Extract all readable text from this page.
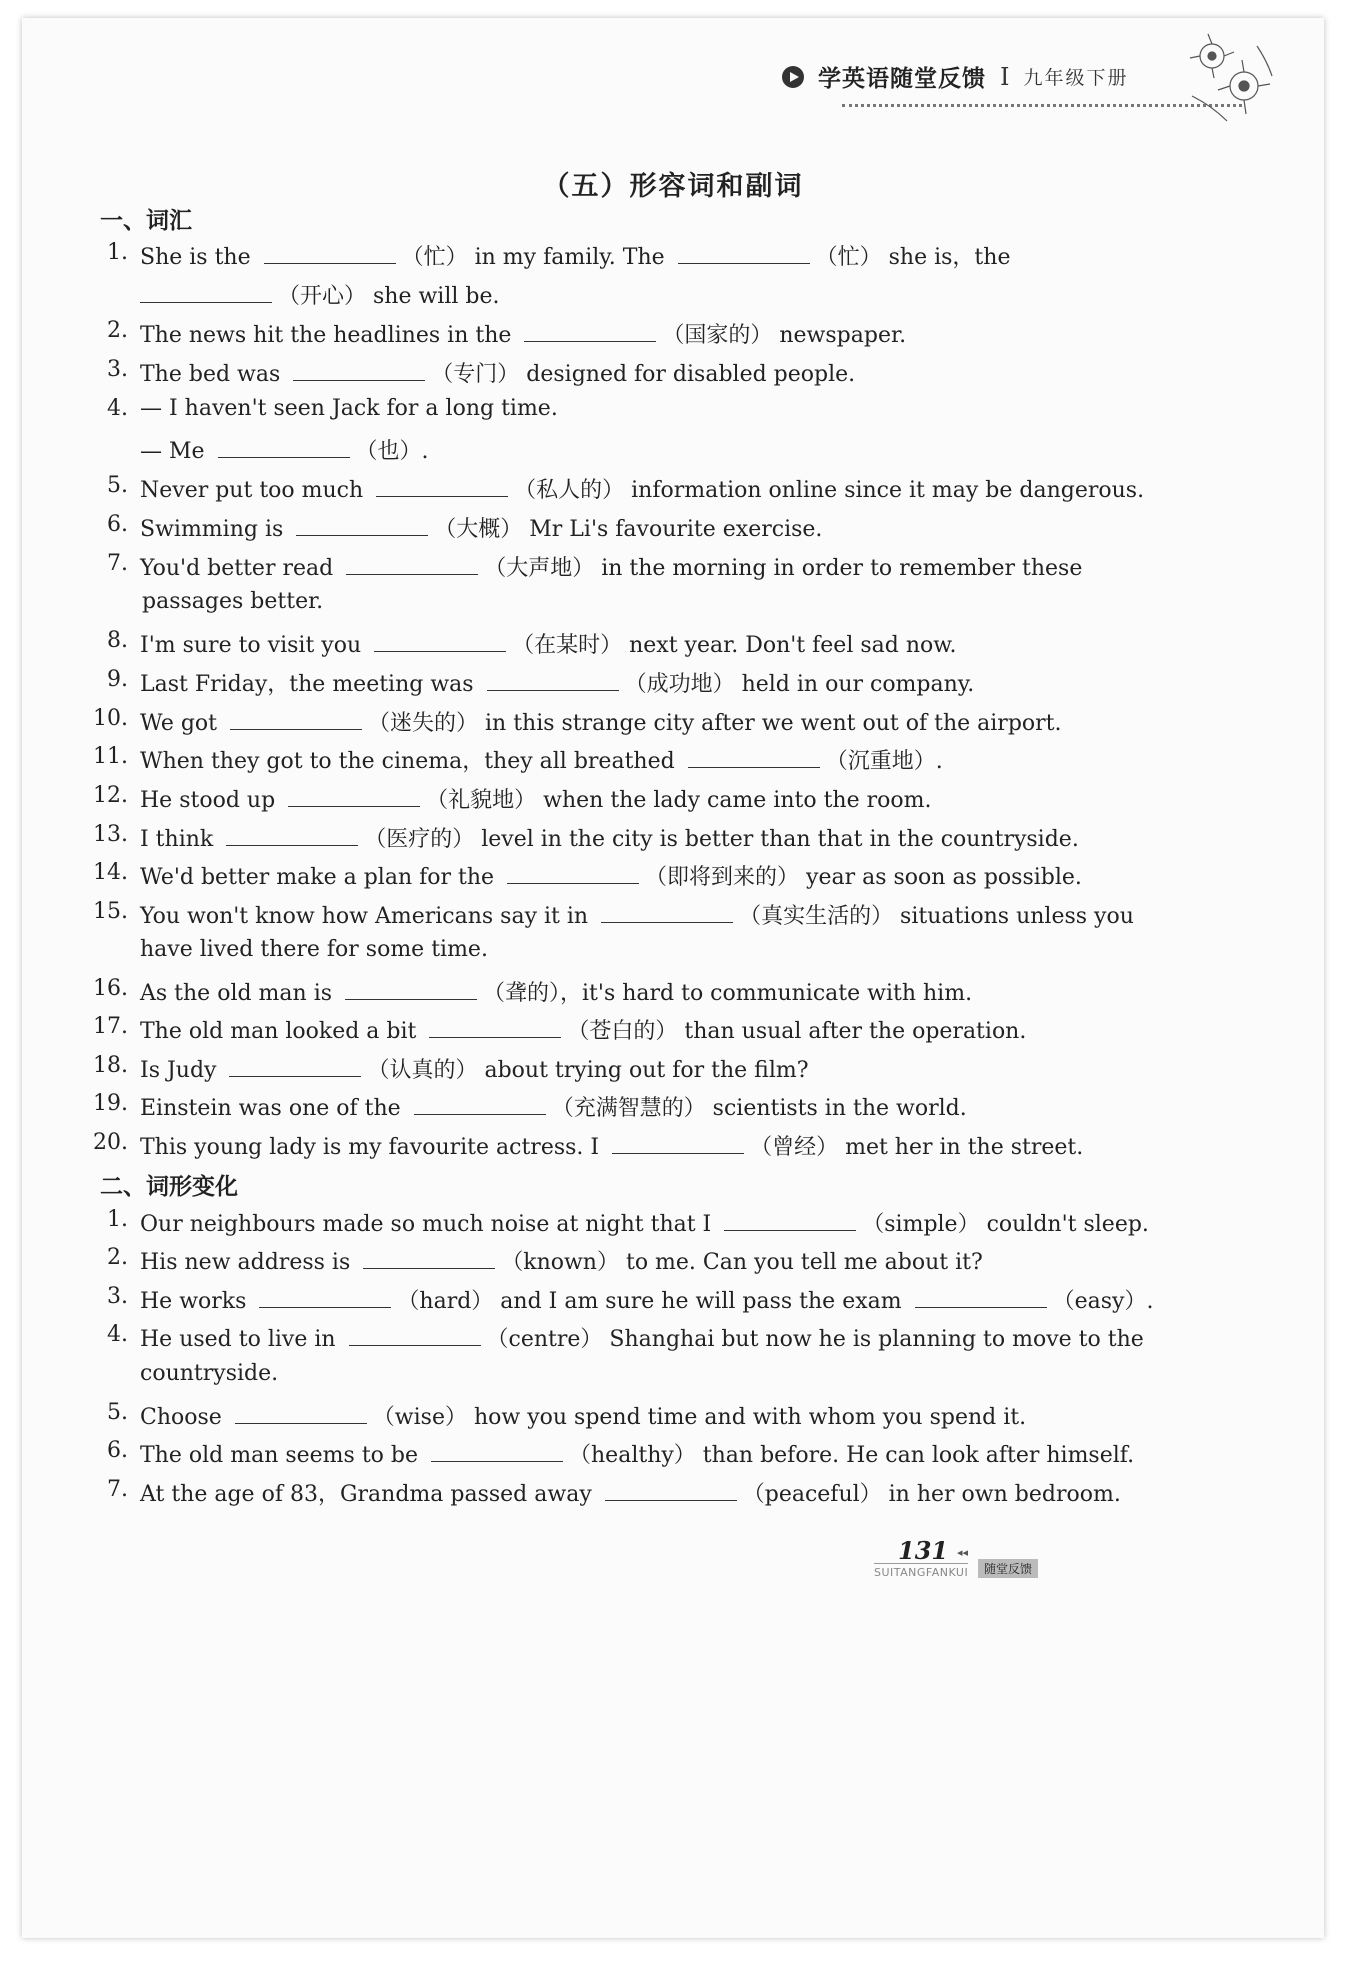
学英语随堂反馈 I 九年级下册
（五）形容词和副词
一、词汇
1. She is the	（忙） in my family. The	（忙） she is，the
（开心） she will be.
2. The news hit the headlines in the	（国家的） newspaper.
3. The bed was	（专门） designed for disabled people.
4. — I haven't seen Jack for a long time.
— Me	（也）.
5. Never put too much	（私人的） information online since it may be dangerous.
6. Swimming is	（大概） Mr Li's favourite exercise.
7. You'd better read	（大声地） in the morning in order to remember these
passages better.
8. I'm sure to visit you	（在某时） next year. Don't feel sad now.
9. Last Friday，the meeting was	（成功地） held in our company.
10. We got	（迷失的） in this strange city after we went out of the airport.
11. When they got to the cinema，they all breathed	（沉重地）.
12. He stood up	（礼貌地） when the lady came into the room.
13. I think	（医疗的） level in the city is better than that in the countryside.
14. We'd better make a plan for the	（即将到来的） year as soon as possible.
15. You won't know how Americans say it in	（真实生活的） situations unless you
have lived there for some time.
16. As the old man is	（聋的），it's hard to communicate with him.
17. The old man looked a bit	（苍白的） than usual after the operation.
18. Is Judy	（认真的） about trying out for the film?
19. Einstein was one of the	（充满智慧的） scientists in the world.
20. This young lady is my favourite actress. I	（曾经） met her in the street.
二、词形变化
1. Our neighbours made so much noise at night that I	（simple） couldn't sleep.
2. His new address is	（known） to me. Can you tell me about it?
3. He works	（hard） and I am sure he will pass the exam	（easy）.
4. He used to live in	（centre） Shanghai but now he is planning to move to the
countryside.
5. Choose	（wise） how you spend time and with whom you spend it.
6. The old man seems to be	（healthy） than before. He can look after himself.
7. At the age of 83，Grandma passed away	（peaceful） in her own bedroom.
131 ◂◂
SUITANGFANKUI	随堂反馈
